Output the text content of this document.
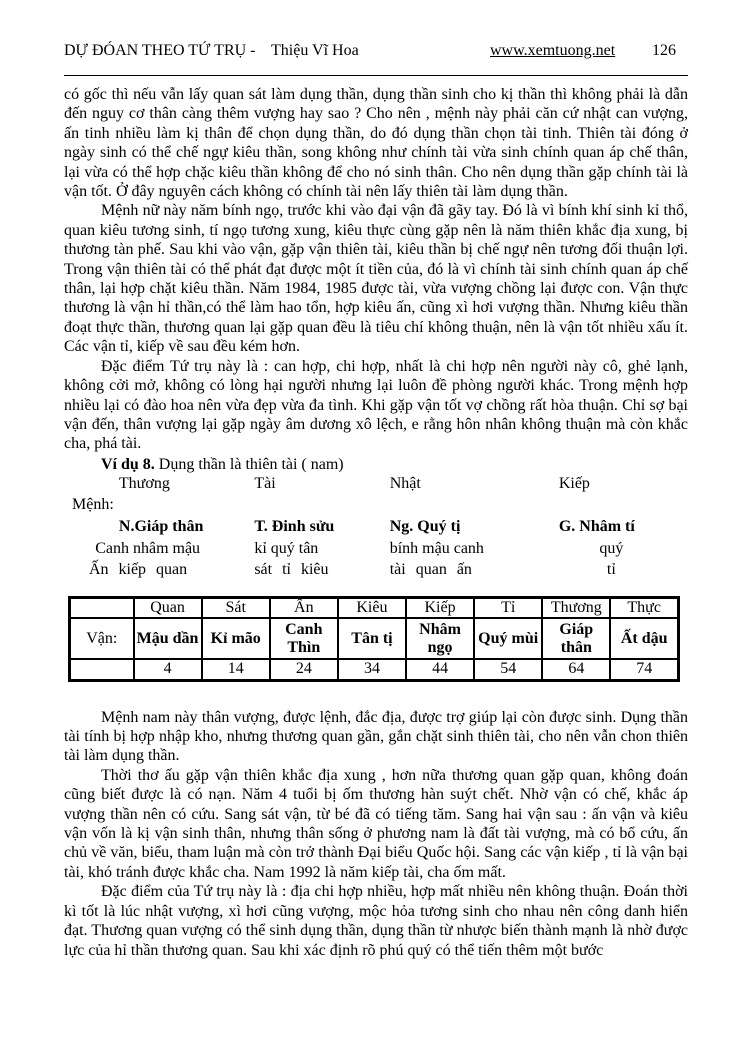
DỰ ĐÓAN THEO TỨ TRỤ - Thiệu Vĩ Hoa	www.xemtuong.net 126

có gốc thì nếu vẫn lấy quan sát làm dụng thần, dụng thần sinh cho kị thần thì không phải là dẫn đến nguy cơ thân càng thêm vượng hay sao ? Cho nên , mệnh này phải căn cứ nhật can vượng, ấn tinh nhiều làm kị thân để chọn dụng thần, do đó dụng thần chọn tài tinh. Thiên tài đóng ở ngày sinh có thể chế ngự kiêu thần, song không như chính tài vừa sinh chính quan áp chế thân, lại vừa có thể hợp chặc kiêu thần không để cho nó sinh thân. Cho nên dụng thần gặp chính tài là vận tốt. Ở đây nguyên cách không có chính tài nên lấy thiên tài làm dụng thần.

Mệnh nữ này năm bính ngọ, trước khi vào đại vận đã gãy tay. Đó là vì bính khí sinh kỉ thổ, quan kiêu tương sinh, tí ngọ tương xung, kiêu thực cùng gặp nên là năm thiên khắc địa xung, bị thương tàn phế. Sau khi vào vận, gặp vận thiên tài, kiêu thần bị chế ngự nên tương đối thuận lợi. Trong vận thiên tài có thể phát đạt được một ít tiền của, đó là vì chính tài sinh chính quan áp chế thân, lại hợp chặt kiêu thần. Năm 1984, 1985 được tài, vừa vượng chồng lại được con. Vận thực thương là vận hỉ thần,có thể làm hao tổn, hợp kiêu ấn, cũng xì hơi vượng thần. Nhưng kiêu thần đoạt thực thần, thương quan lại gặp quan đều là tiêu chí không thuận, nên là vận tốt nhiều xấu ít. Các vận tỉ, kiếp về sau đều kém hơn.

Đặc điểm Tứ trụ này là : can hợp, chi hợp, nhất là chi hợp nên người này cô, ghẻ lạnh, không cởi mở, không có lòng hại người nhưng lại luôn đề phòng người khác. Trong mệnh hợp nhiều lại có đào hoa nên vừa đẹp vừa đa tình. Khi gặp vận tốt vợ chồng rất hòa thuận. Chỉ sợ bại vận đến, thân vượng lại gặp ngày âm dương xô lệch, e rằng hôn nhân không thuận mà còn khắc cha, phá tài.

Ví dụ 8. Dụng thần là thiên tài ( nam)

Thương	Tài	Nhật	Kiếp
Mệnh:
N.Giáp thân	T. Đinh sửu	Ng. Quý tị	G. Nhâm tí
Canh nhâm mậu	kỉ quý tân	bính mậu canh	quý
Ấn kiếp quan	sát tỉ kiêu	tài quan ấn	tỉ
	Quan	Sát	Ấn	Kiêu	Kiếp	Tỉ	Thương	Thực
Vận:	Mậu dần	Kỉ mão	Canh Thìn	Tân tị	Nhâm ngọ	Quý mùi	Giáp thân	Ất dậu
	4	14	24	34	44	54	64	74

Mệnh nam này thân vượng, được lệnh, đắc địa, được trợ giúp lại còn được sinh. Dụng thần tài tính bị hợp nhập kho, nhưng thương quan gần, gắn chặt sinh thiên tài, cho nên vẫn chon thiên tài làm dụng thần.

Thời thơ ấu gặp vận thiên khắc địa xung , hơn nữa thương quan gặp quan, không đoán cũng biết được là có nạn. Năm 4 tuổi bị ốm thương hàn suýt chết. Nhờ vận có chế, khắc áp vượng thần nên có cứu. Sang sát vận, từ bé đã có tiếng tăm. Sang hai vận sau : ấn vận và kiêu vận vốn là kị vận sinh thân, nhưng thân sống ở phương nam là đất tài vượng, mà có bổ cứu, ấn chủ về văn, biểu, tham luận mà còn trở thành Đại biểu Quốc hội. Sang các vận kiếp , tỉ là vận bại tài, khó tránh được khắc cha. Nam 1992 là năm kiếp tài, cha ốm mất.

Đặc điểm của Tứ trụ này là : địa chi hợp nhiều, hợp mất nhiều nên không thuận. Đoán thời kì tốt là lúc nhật vượng, xì hơi cũng vượng, mộc hỏa tương sinh cho nhau nên công danh hiển đạt. Thương quan vượng có thể sinh dụng thần, dụng thần từ nhược biến thành mạnh là nhờ được lực của hỉ thần thương quan. Sau khi xác định rõ phú quý có thể tiến thêm một bước
